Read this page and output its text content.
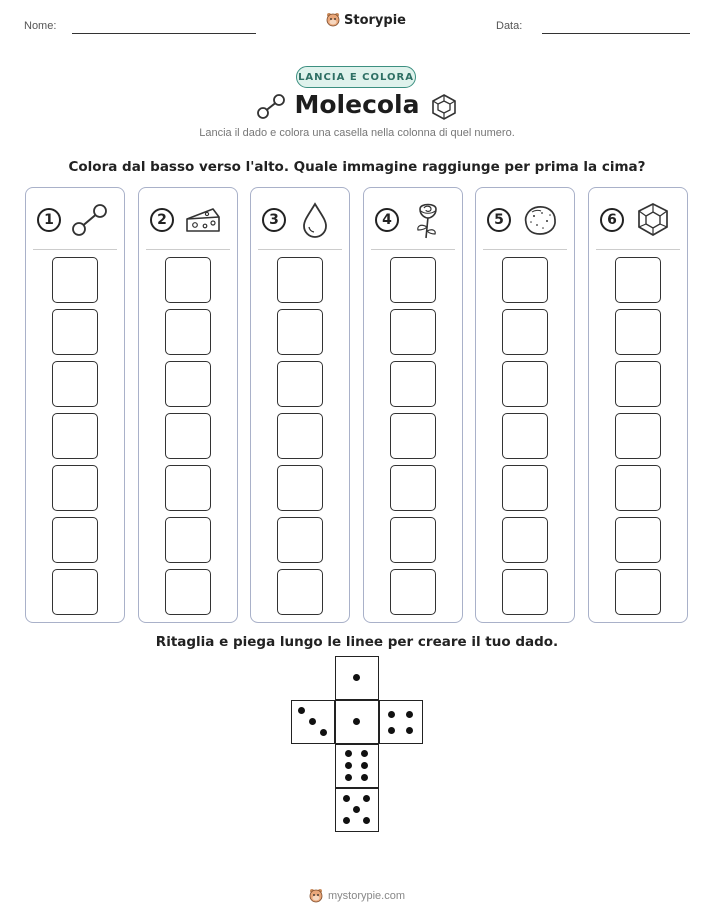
Nome:	Storypie	Data:
LANCIA E COLORA
Molecola
Lancia il dado e colora una casella nella colonna di quel numero.
Colora dal basso verso l'alto. Quale immagine raggiunge per prima la cima?
1	2	3	4	5	6
Ritaglia e piega lungo le linee per creare il tuo dado.
mystorypie.com
